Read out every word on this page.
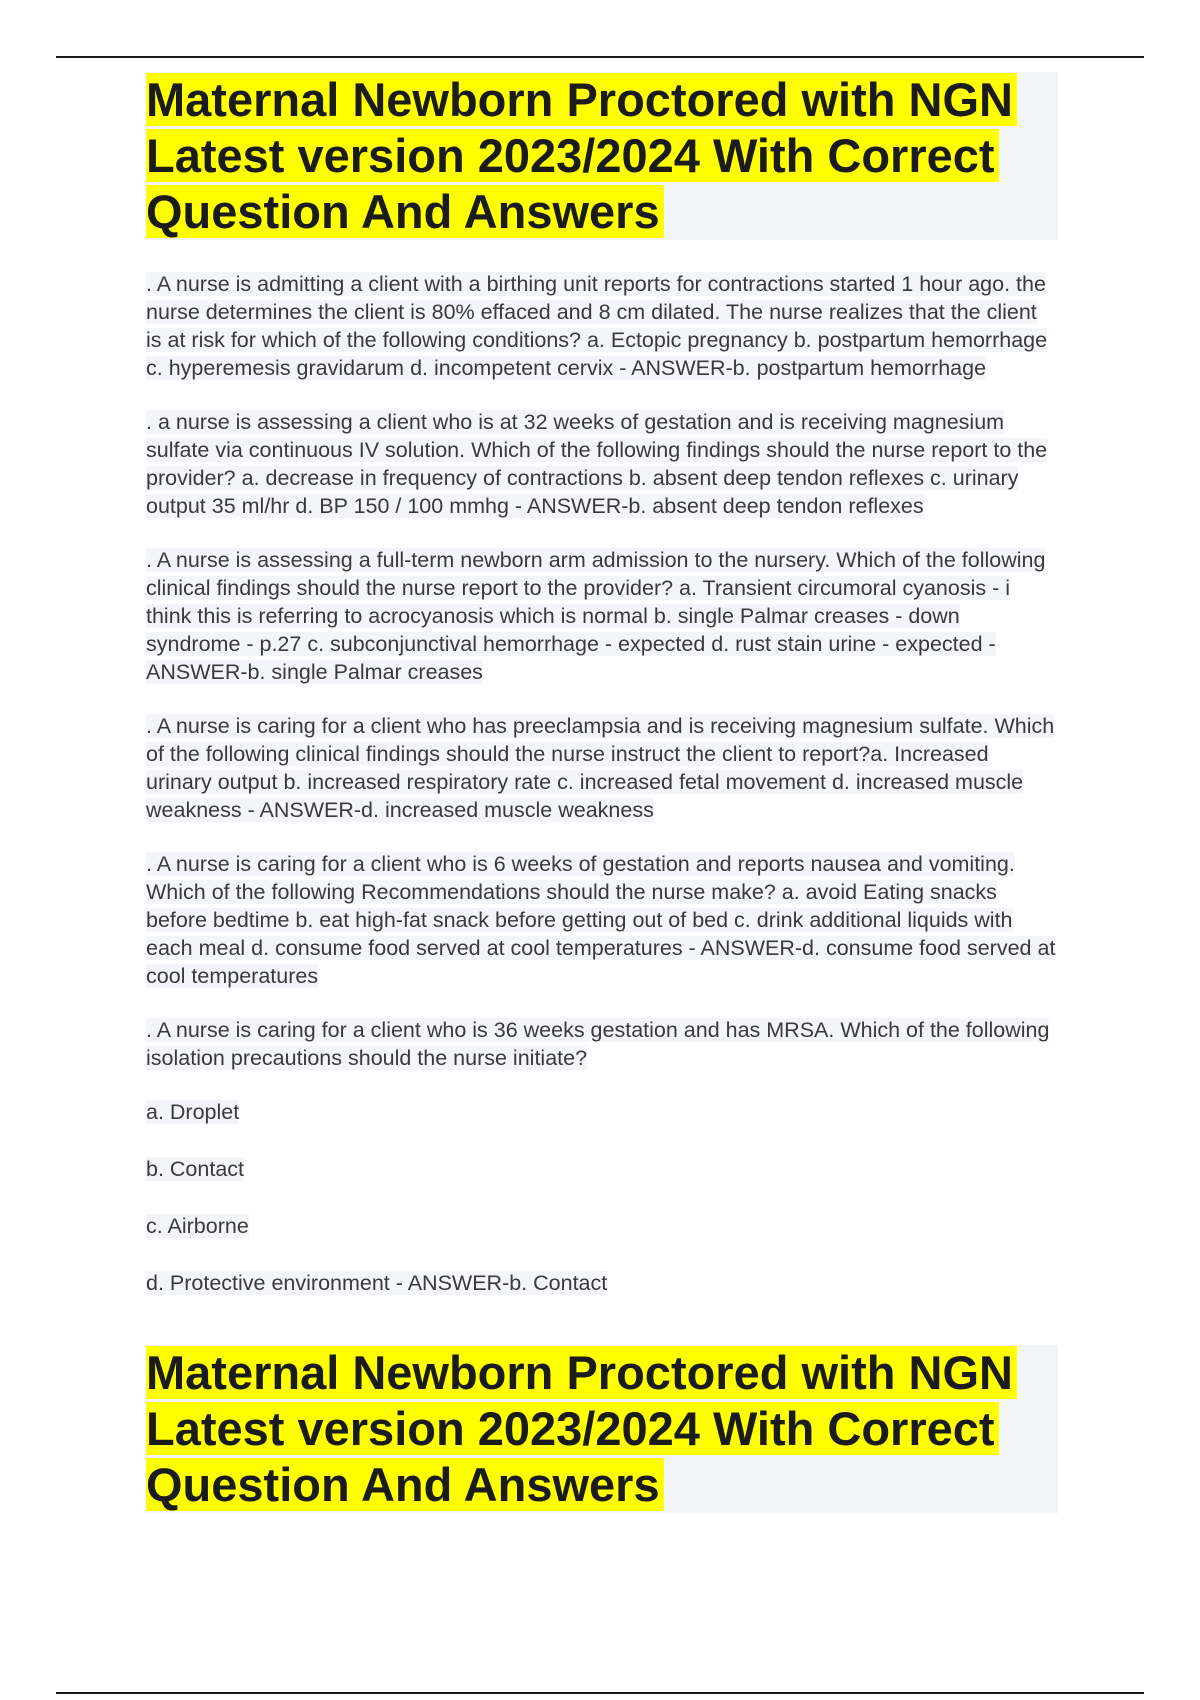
Maternal Newborn Proctored with NGN Latest version 2023/2024 With Correct Question And Answers

. A nurse is admitting a client with a birthing unit reports for contractions started 1 hour ago. the nurse determines the client is 80% effaced and 8 cm dilated. The nurse realizes that the client is at risk for which of the following conditions? a. Ectopic pregnancy b. postpartum hemorrhage c. hyperemesis gravidarum d. incompetent cervix - ANSWER-b. postpartum hemorrhage

. a nurse is assessing a client who is at 32 weeks of gestation and is receiving magnesium sulfate via continuous IV solution. Which of the following findings should the nurse report to the provider? a. decrease in frequency of contractions b. absent deep tendon reflexes c. urinary output 35 ml/hr d. BP 150 / 100 mmhg - ANSWER-b. absent deep tendon reflexes

. A nurse is assessing a full-term newborn arm admission to the nursery. Which of the following clinical findings should the nurse report to the provider? a. Transient circumoral cyanosis - i think this is referring to acrocyanosis which is normal b. single Palmar creases - down syndrome - p.27 c. subconjunctival hemorrhage - expected d. rust stain urine - expected - ANSWER-b. single Palmar creases

. A nurse is caring for a client who has preeclampsia and is receiving magnesium sulfate. Which of the following clinical findings should the nurse instruct the client to report?a. Increased urinary output b. increased respiratory rate c. increased fetal movement d. increased muscle weakness - ANSWER-d. increased muscle weakness

. A nurse is caring for a client who is 6 weeks of gestation and reports nausea and vomiting. Which of the following Recommendations should the nurse make? a. avoid Eating snacks before bedtime b. eat high-fat snack before getting out of bed c. drink additional liquids with each meal d. consume food served at cool temperatures - ANSWER-d. consume food served at cool temperatures

. A nurse is caring for a client who is 36 weeks gestation and has MRSA. Which of the following isolation precautions should the nurse initiate?

a. Droplet

b. Contact

c. Airborne

d. Protective environment - ANSWER-b. Contact

Maternal Newborn Proctored with NGN Latest version 2023/2024 With Correct Question And Answers
